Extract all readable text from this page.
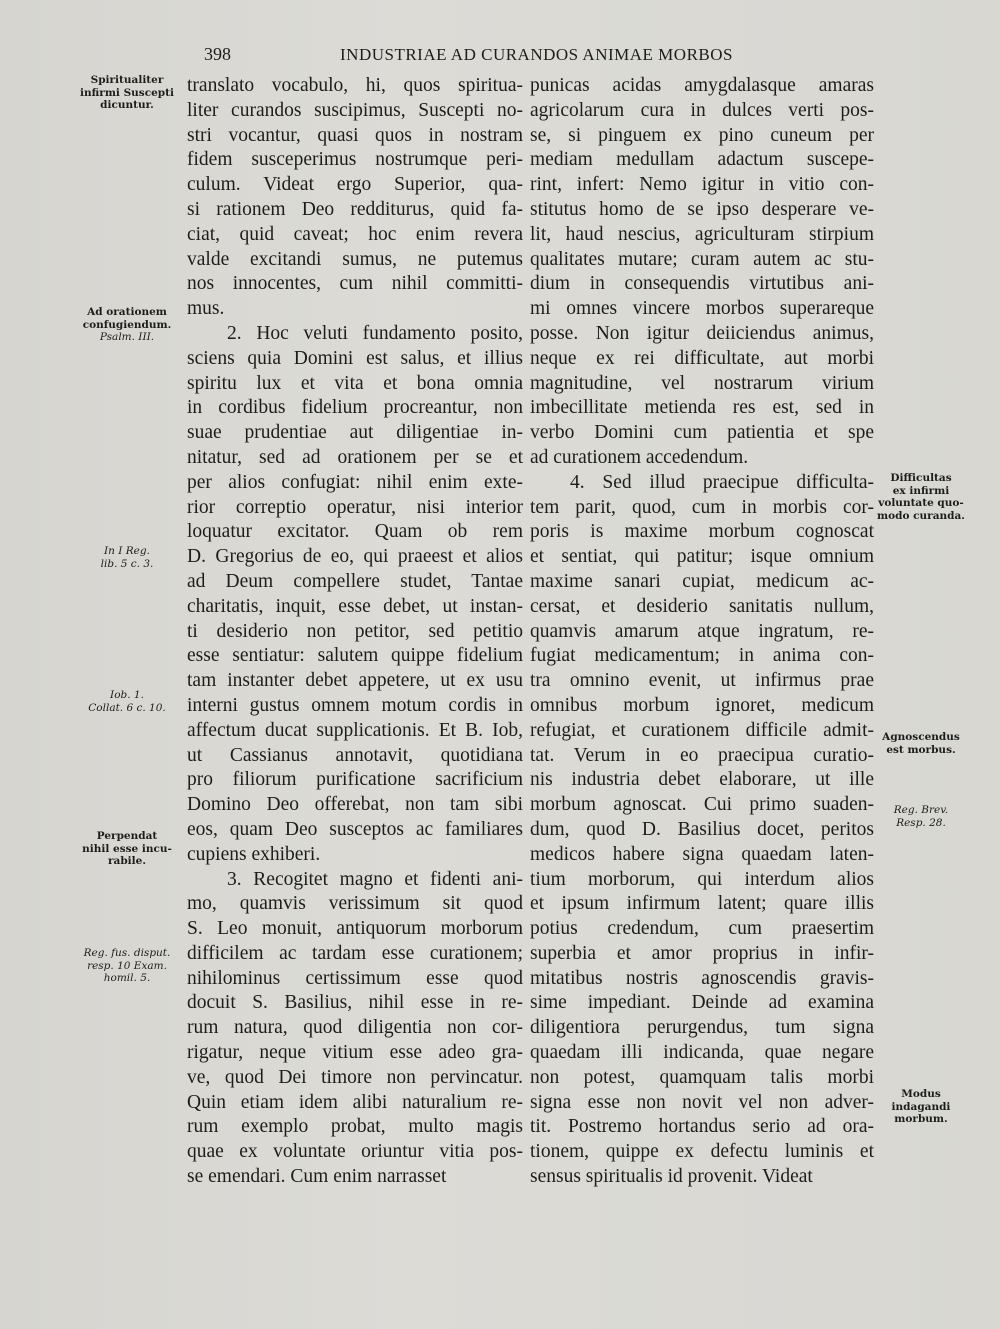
398	INDUSTRIAE AD CURANDOS ANIMAE MORBOS
Spiritualiter
infirmi Suscepti
dicuntur.
Ad orationem
confugiendum.
Psalm. III.
In I Reg.
lib. 5 c. 3.
Iob. 1.
Collat. 6 c. 10.
Perpendat
nihil esse incu-
rabile.
Reg. fus. disput.
resp. 10 Exam.
homil. 5.
Difficultas
ex infirmi
voluntate quo-
modo curanda.
Agnoscendus
est morbus.
Reg. Brev.
Resp. 28.
Modus
indagandi
morbum.
translato vocabulo, hi, quos spiritua-
liter curandos suscipimus, Suscepti no-
stri vocantur, quasi quos in nostram
fidem susceperimus nostrumque peri-
culum. Videat ergo Superior, qua-
si rationem Deo redditurus, quid fa-
ciat, quid caveat; hoc enim revera
valde excitandi sumus, ne putemus
nos innocentes, cum nihil committi-
mus.
2. Hoc veluti fundamento posito,
sciens quia Domini est salus, et illius
spiritu lux et vita et bona omnia
in cordibus fidelium procreantur, non
suae prudentiae aut diligentiae in-
nitatur, sed ad orationem per se et
per alios confugiat: nihil enim exte-
rior correptio operatur, nisi interior
loquatur excitator. Quam ob rem
D. Gregorius de eo, qui praeest et alios
ad Deum compellere studet, Tantae
charitatis, inquit, esse debet, ut instan-
ti desiderio non petitor, sed petitio
esse sentiatur: salutem quippe fidelium
tam instanter debet appetere, ut ex usu
interni gustus omnem motum cordis in
affectum ducat supplicationis. Et B. Iob,
ut Cassianus annotavit, quotidiana
pro filiorum purificatione sacrificium
Domino Deo offerebat, non tam sibi
eos, quam Deo susceptos ac familiares
cupiens exhiberi.
3. Recogitet magno et fidenti ani-
mo, quamvis verissimum sit quod
S. Leo monuit, antiquorum morborum
difficilem ac tardam esse curationem;
nihilominus certissimum esse quod
docuit S. Basilius, nihil esse in re-
rum natura, quod diligentia non cor-
rigatur, neque vitium esse adeo gra-
ve, quod Dei timore non pervincatur.
Quin etiam idem alibi naturalium re-
rum exemplo probat, multo magis
quae ex voluntate oriuntur vitia pos-
se emendari. Cum enim narrasset
punicas acidas amygdalasque amaras
agricolarum cura in dulces verti pos-
se, si pinguem ex pino cuneum per
mediam medullam adactum suscepe-
rint, infert: Nemo igitur in vitio con-
stitutus homo de se ipso desperare ve-
lit, haud nescius, agriculturam stirpium
qualitates mutare; curam autem ac stu-
dium in consequendis virtutibus ani-
mi omnes vincere morbos superareque
posse. Non igitur deiiciendus animus,
neque ex rei difficultate, aut morbi
magnitudine, vel nostrarum virium
imbecillitate metienda res est, sed in
verbo Domini cum patientia et spe
ad curationem accedendum.
4. Sed illud praecipue difficulta-
tem parit, quod, cum in morbis cor-
poris is maxime morbum cognoscat
et sentiat, qui patitur; isque omnium
maxime sanari cupiat, medicum ac-
cersat, et desiderio sanitatis nullum,
quamvis amarum atque ingratum, re-
fugiat medicamentum; in anima con-
tra omnino evenit, ut infirmus prae
omnibus morbum ignoret, medicum
refugiat, et curationem difficile admit-
tat. Verum in eo praecipua curatio-
nis industria debet elaborare, ut ille
morbum agnoscat. Cui primo suaden-
dum, quod D. Basilius docet, peritos
medicos habere signa quaedam laten-
tium morborum, qui interdum alios
et ipsum infirmum latent; quare illis
potius credendum, cum praesertim
superbia et amor proprius in infir-
mitatibus nostris agnoscendis gravis-
sime impediant. Deinde ad examina
diligentiora perurgendus, tum signa
quaedam illi indicanda, quae negare
non potest, quamquam talis morbi
signa esse non novit vel non adver-
tit. Postremo hortandus serio ad ora-
tionem, quippe ex defectu luminis et
sensus spiritualis id provenit. Videat
